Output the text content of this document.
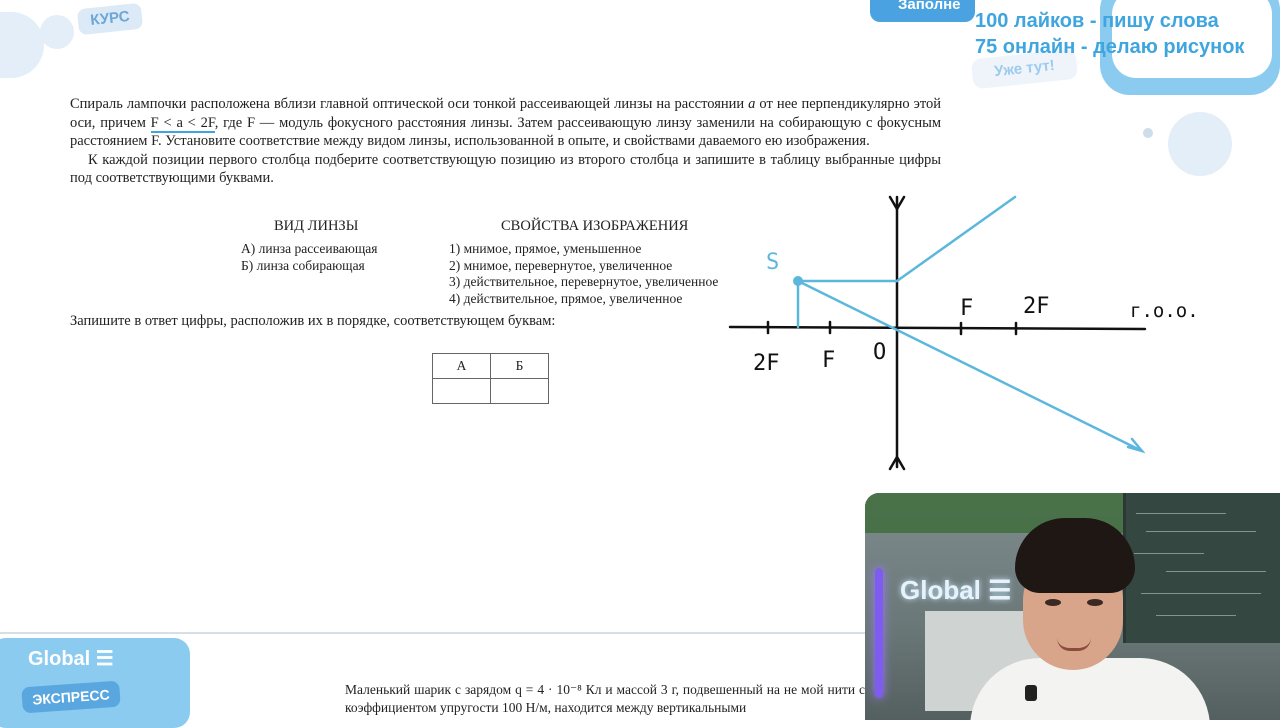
КУРС
Заполне
Уже тут!
100 лайков - пишу слова
75 онлайн - делаю рисунок

Спираль лампочки расположена вблизи главной оптической оси тонкой рассеивающей линзы на расстоянии a от нее перпендикулярно этой оси, причем F < a < 2F, где F — модуль фокусного расстояния линзы. Затем рассеивающую линзу заменили на собирающую с фокусным расстоянием F. Установите соответствие между видом линзы, использованной в опыте, и свойствами даваемого ею изображения.

К каждой позиции первого столбца подберите соответствующую позицию из второго столбца и запишите в таблицу выбранные цифры под соответствующими буквами.

ВИД ЛИНЗЫ	СВОЙСТВА ИЗОБРАЖЕНИЯ
А) линза рассеивающая
Б) линза собирающая
1) мнимое, прямое, уменьшенное
2) мнимое, перевернутое, увеличенное
3) действительное, перевернутое, увеличенное
4) действительное, прямое, увеличенное
Запишите в ответ цифры, расположив их в порядке, соответствующем буквам:
А	Б

S
F 2F	г.о.о.
2F F O
Global ☰
ЭКСПРЕСС	Маленький шарик с зарядом q = 4 · 10⁻⁸ Кл и массой 3 г, подвешенный на не мой нити с коэффициентом упругости 100 Н/м, находится между вертикальными
Global ☰
